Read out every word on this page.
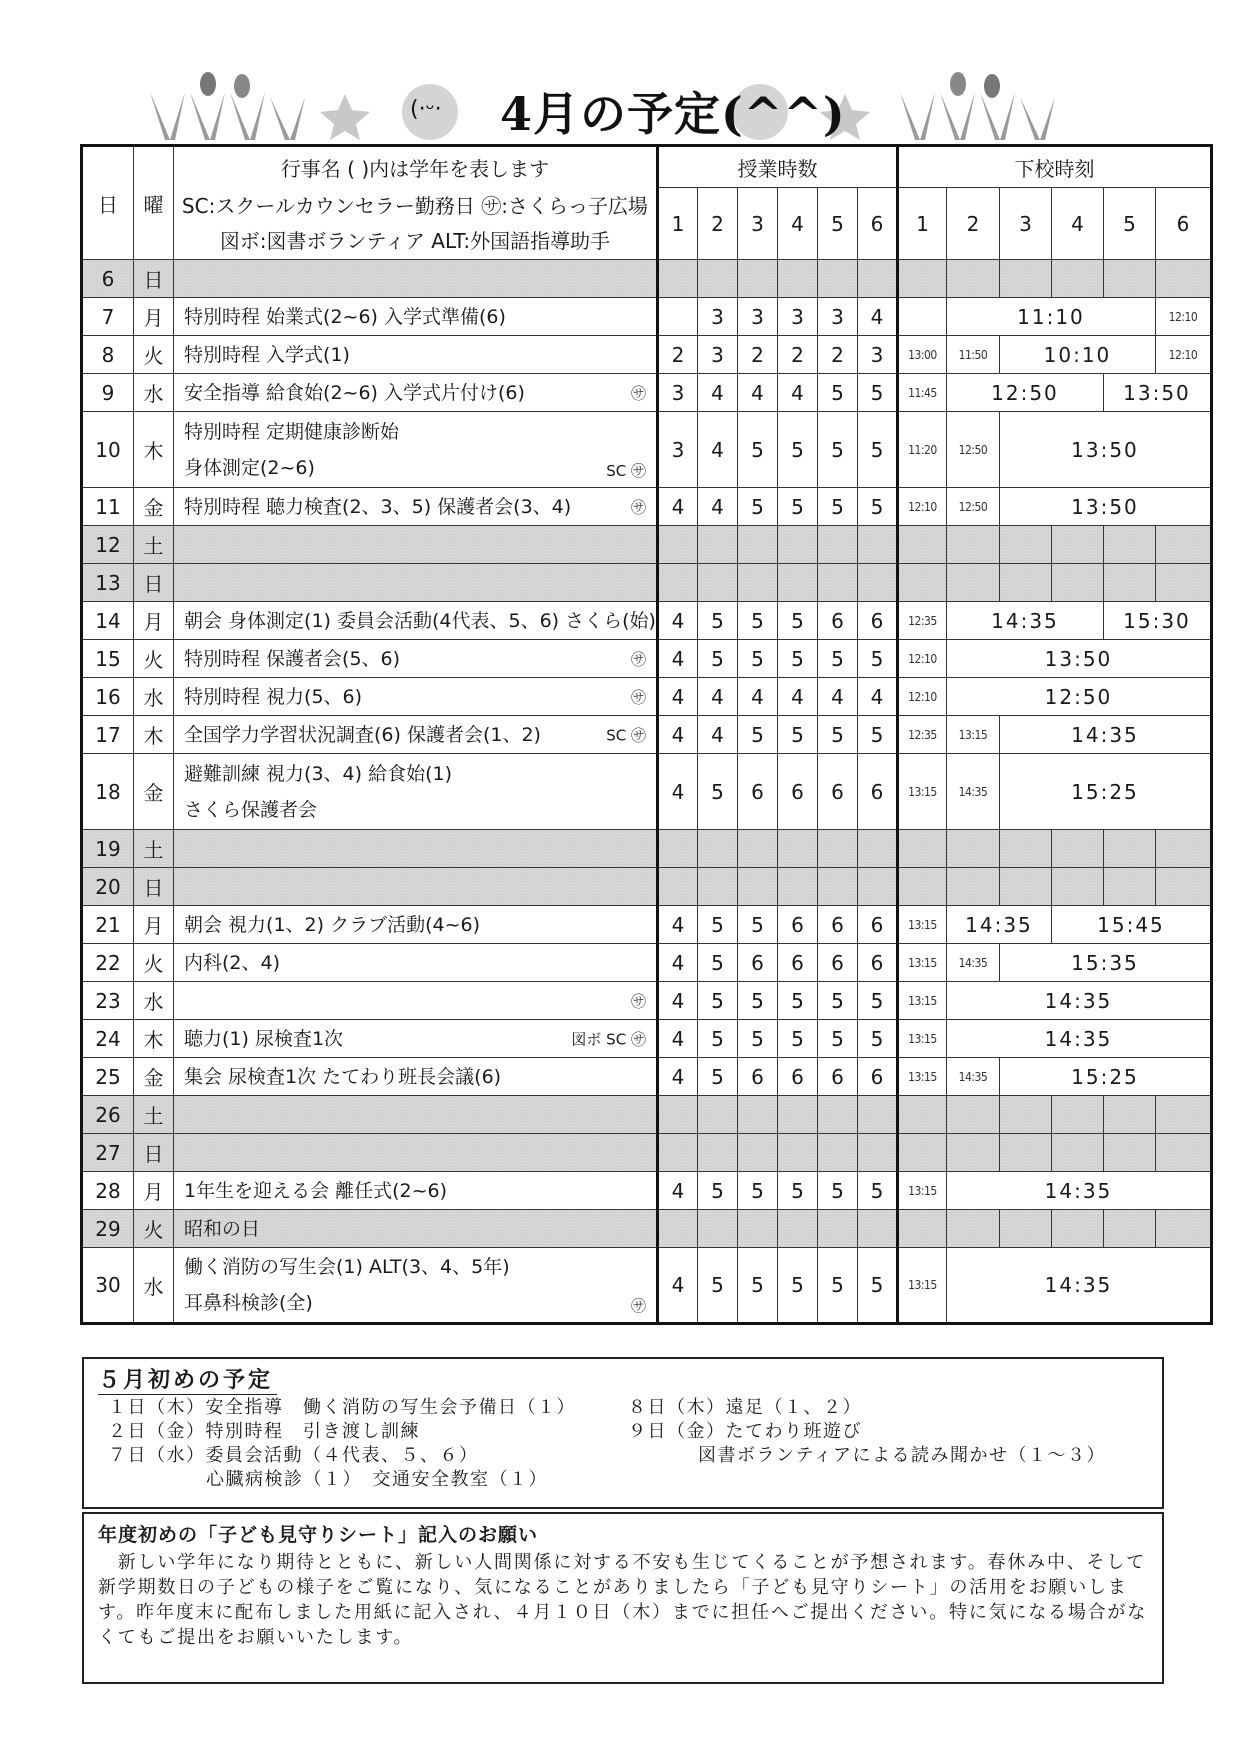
(·ᵕ· 4月の予定(^^)
日	曜	行事名 ( )内は学年を表します	授業時数						下校時刻					
		SC:スクールカウンセラー勤務日 ㋚:さくらっ子広場	1	2	3	4	5	6	1	2	3	4	5	6
		図ボ:図書ボランティア ALT:外国語指導助手												
6	日													
7	月	特別時程 始業式(2~6) 入学式準備(6)		3	3	3	3	4		11:10				12:10
8	火	特別時程 入学式(1)	2	3	2	2	2	3	13:00	11:50	10:10			12:10
9	水	安全指導 給食始(2~6) 入学式片付け(6) ㋚	3	4	4	4	5	5	11:45	12:50			13:50	
10	木	特別時程 定期健康診断始
身体測定(2~6) SC ㋚	3	4	5	5	5	5	11:20	12:50	13:50			
11	金	特別時程 聴力検査(2、3、5) 保護者会(3、4) ㋚	4	4	5	5	5	5	12:10	12:50	13:50			
12	土													
13	日													
14	月	朝会 身体測定(1) 委員会活動(4代表、5、6) さくら(始)	4	5	5	5	6	6	12:35	14:35			15:30	
15	火	特別時程 保護者会(5、6) ㋚	4	5	5	5	5	5	12:10	13:50				
16	水	特別時程 視力(5、6) ㋚	4	4	4	4	4	4	12:10	12:50				
17	木	全国学力学習状況調査(6) 保護者会(1、2) SC ㋚	4	4	5	5	5	5	12:35	13:15	14:35			
18	金	避難訓練 視力(3、4) 給食始(1)
さくら保護者会	4	5	6	6	6	6	13:15	14:35	15:25			
19	土													
20	日													
21	月	朝会 視力(1、2) クラブ活動(4~6)	4	5	5	6	6	6	13:15	14:35		15:45		
22	火	内科(2、4)	4	5	6	6	6	6	13:15	14:35	15:35			
23	水	㋚	4	5	5	5	5	5	13:15	14:35				
24	木	聴力(1) 尿検査1次 図ボ SC ㋚	4	5	5	5	5	5	13:15	14:35				
25	金	集会 尿検査1次 たてわり班長会議(6)	4	5	6	6	6	6	13:15	14:35	15:25			
26	土													
27	日													
28	月	1年生を迎える会 離任式(2~6)	4	5	5	5	5	5	13:15	14:35				
29	火	昭和の日												

30	水	働く消防の写生会(1) ALT(3、4、5年)
耳鼻科検診(全) ㋚	4	5	5	5	5	5	13:15	14:35				
５月初めの予定
１日（木）安全指導　働く消防の写生会予備日（１）
２日（金）特別時程　引き渡し訓練
７日（水）委員会活動（４代表、５、６）
心臓病検診（１）　交通安全教室（１）
８日（木）遠足（１、２）
９日（金）たてわり班遊び
図書ボランティアによる読み聞かせ（１～３）
年度初めの「子ども見守りシート」記入のお願い
　新しい学年になり期待とともに、新しい人間関係に対する不安も生じてくることが予想されます。春休み中、そして新学期数日の子どもの様子をご覧になり、気になることがありましたら「子ども見守りシート」の活用をお願いします。昨年度末に配布しました用紙に記入され、４月１０日（木）までに担任へご提出ください。特に気になる場合がなくてもご提出をお願いいたします。
